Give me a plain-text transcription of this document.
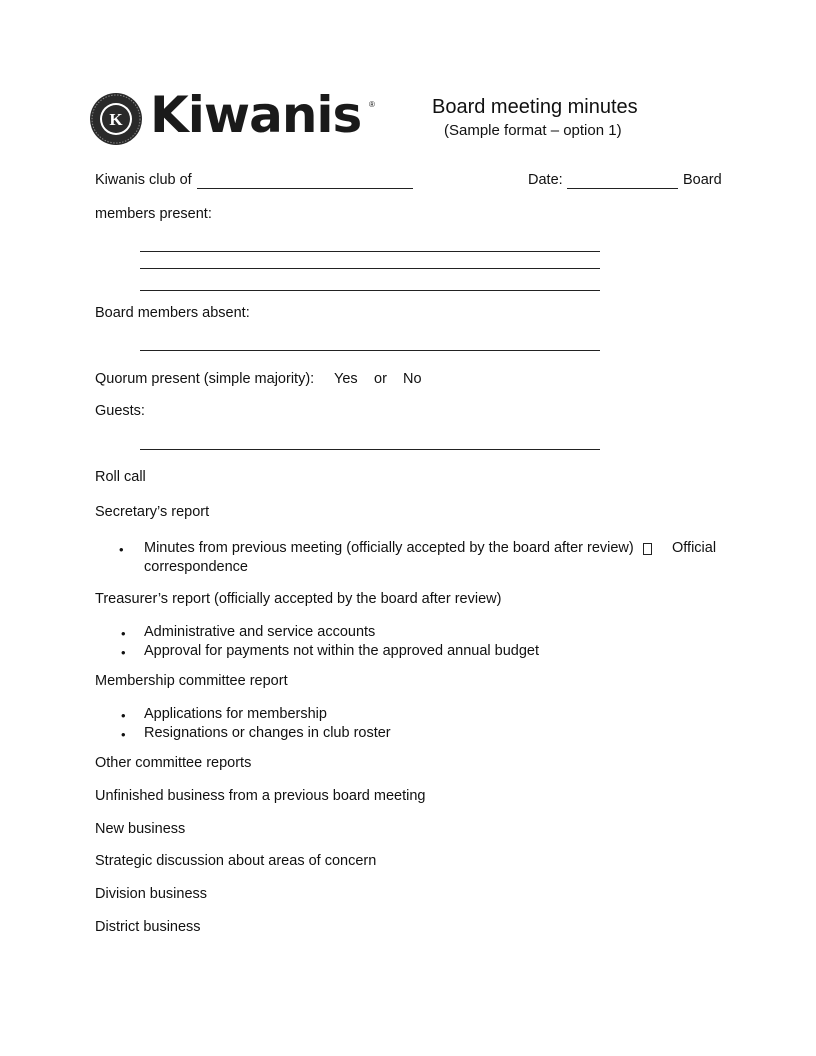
K Kiwanis ®	Board meeting minutes
(Sample format – option 1)
Kiwanis club of	Date:	Board
members present:
Board members absent:
Quorum present (simple majority): Yes or No
Guests:
Roll call
Secretary’s report
• Minutes from previous meeting (officially accepted by the board after review)	Official
correspondence
Treasurer’s report (officially accepted by the board after review)
• Administrative and service accounts
• Approval for payments not within the approved annual budget
Membership committee report
• Applications for membership
• Resignations or changes in club roster
Other committee reports
Unfinished business from a previous board meeting
New business
Strategic discussion about areas of concern
Division business
District business
